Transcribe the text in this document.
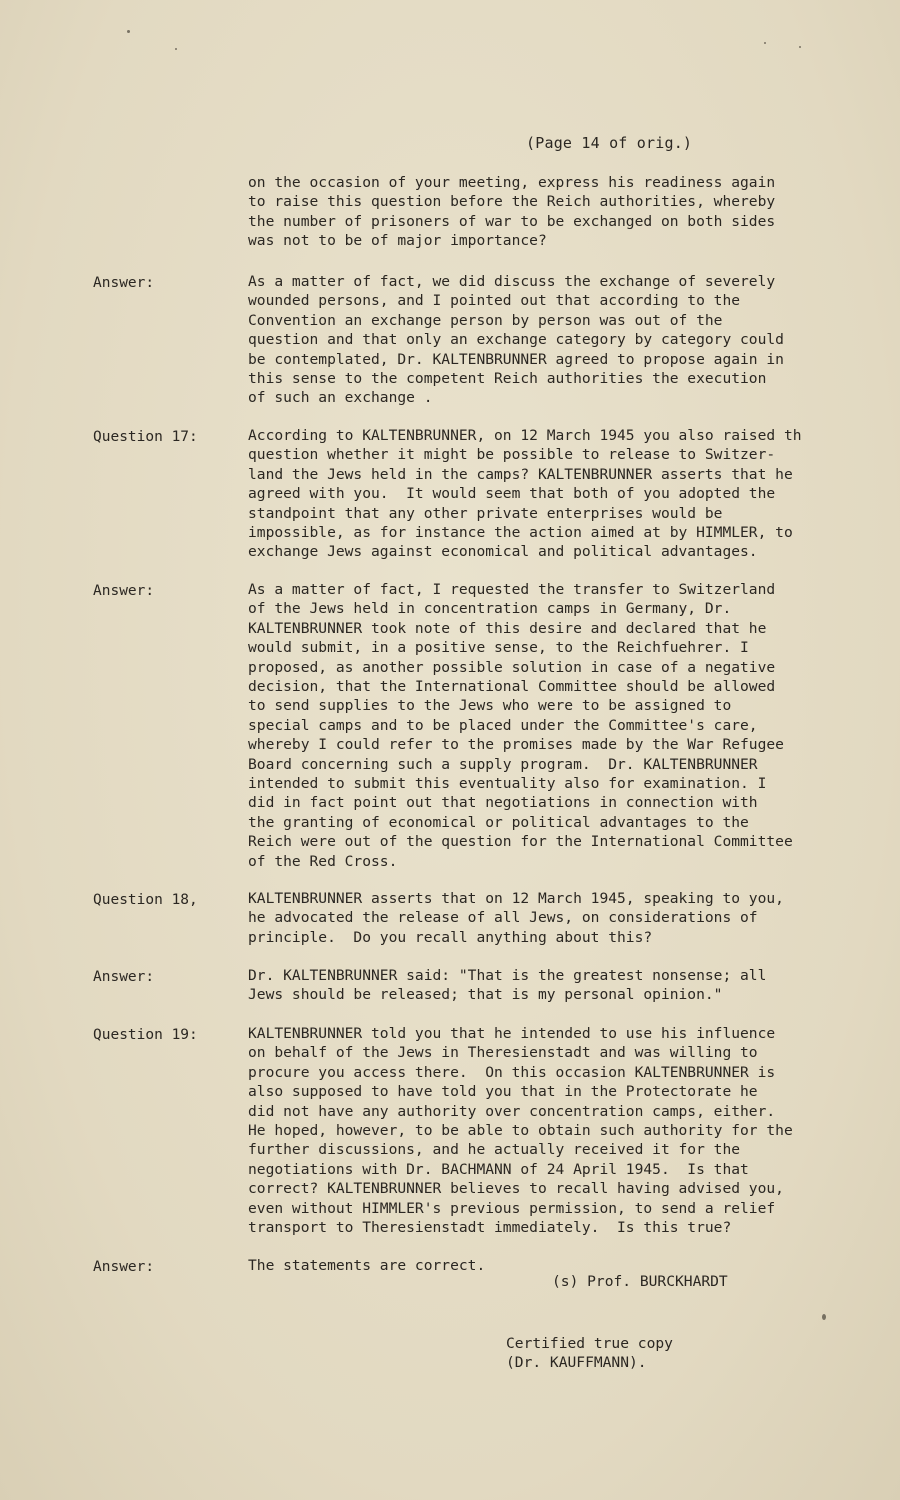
(Page 14 of orig.)
on the occasion of your meeting, express his readiness again
to raise this question before the Reich authorities, whereby
the number of prisoners of war to be exchanged on both sides
was not to be of major importance?
Answer:	As a matter of fact, we did discuss the exchange of severely
wounded persons, and I pointed out that according to the
Convention an exchange person by person was out of the
question and that only an exchange category by category could
be contemplated, Dr. KALTENBRUNNER agreed to propose again in
this sense to the competent Reich authorities the execution
of such an exchange .
Question 17:	According to KALTENBRUNNER, on 12 March 1945 you also raised th
question whether it might be possible to release to Switzer-
land the Jews held in the camps? KALTENBRUNNER asserts that he
agreed with you.  It would seem that both of you adopted the
standpoint that any other private enterprises would be
impossible, as for instance the action aimed at by HIMMLER, to
exchange Jews against economical and political advantages.
Answer:	As a matter of fact, I requested the transfer to Switzerland
of the Jews held in concentration camps in Germany, Dr.
KALTENBRUNNER took note of this desire and declared that he
would submit, in a positive sense, to the Reichfuehrer. I
proposed, as another possible solution in case of a negative
decision, that the International Committee should be allowed
to send supplies to the Jews who were to be assigned to
special camps and to be placed under the Committee's care,
whereby I could refer to the promises made by the War Refugee
Board concerning such a supply program.  Dr. KALTENBRUNNER
intended to submit this eventuality also for examination. I
did in fact point out that negotiations in connection with
the granting of economical or political advantages to the
Reich were out of the question for the International Committee
of the Red Cross.
Question 18,	KALTENBRUNNER asserts that on 12 March 1945, speaking to you,
he advocated the release of all Jews, on considerations of
principle.  Do you recall anything about this?
Answer:	Dr. KALTENBRUNNER said: "That is the greatest nonsense; all
Jews should be released; that is my personal opinion."
Question 19:	KALTENBRUNNER told you that he intended to use his influence
on behalf of the Jews in Theresienstadt and was willing to
procure you access there.  On this occasion KALTENBRUNNER is
also supposed to have told you that in the Protectorate he
did not have any authority over concentration camps, either.
He hoped, however, to be able to obtain such authority for the
further discussions, and he actually received it for the
negotiations with Dr. BACHMANN of 24 April 1945.  Is that
correct? KALTENBRUNNER believes to recall having advised you,
even without HIMMLER's previous permission, to send a relief
transport to Theresienstadt immediately.  Is this true?
Answer:	The statements are correct.
(s) Prof. BURCKHARDT
Certified true copy
(Dr. KAUFFMANN).
